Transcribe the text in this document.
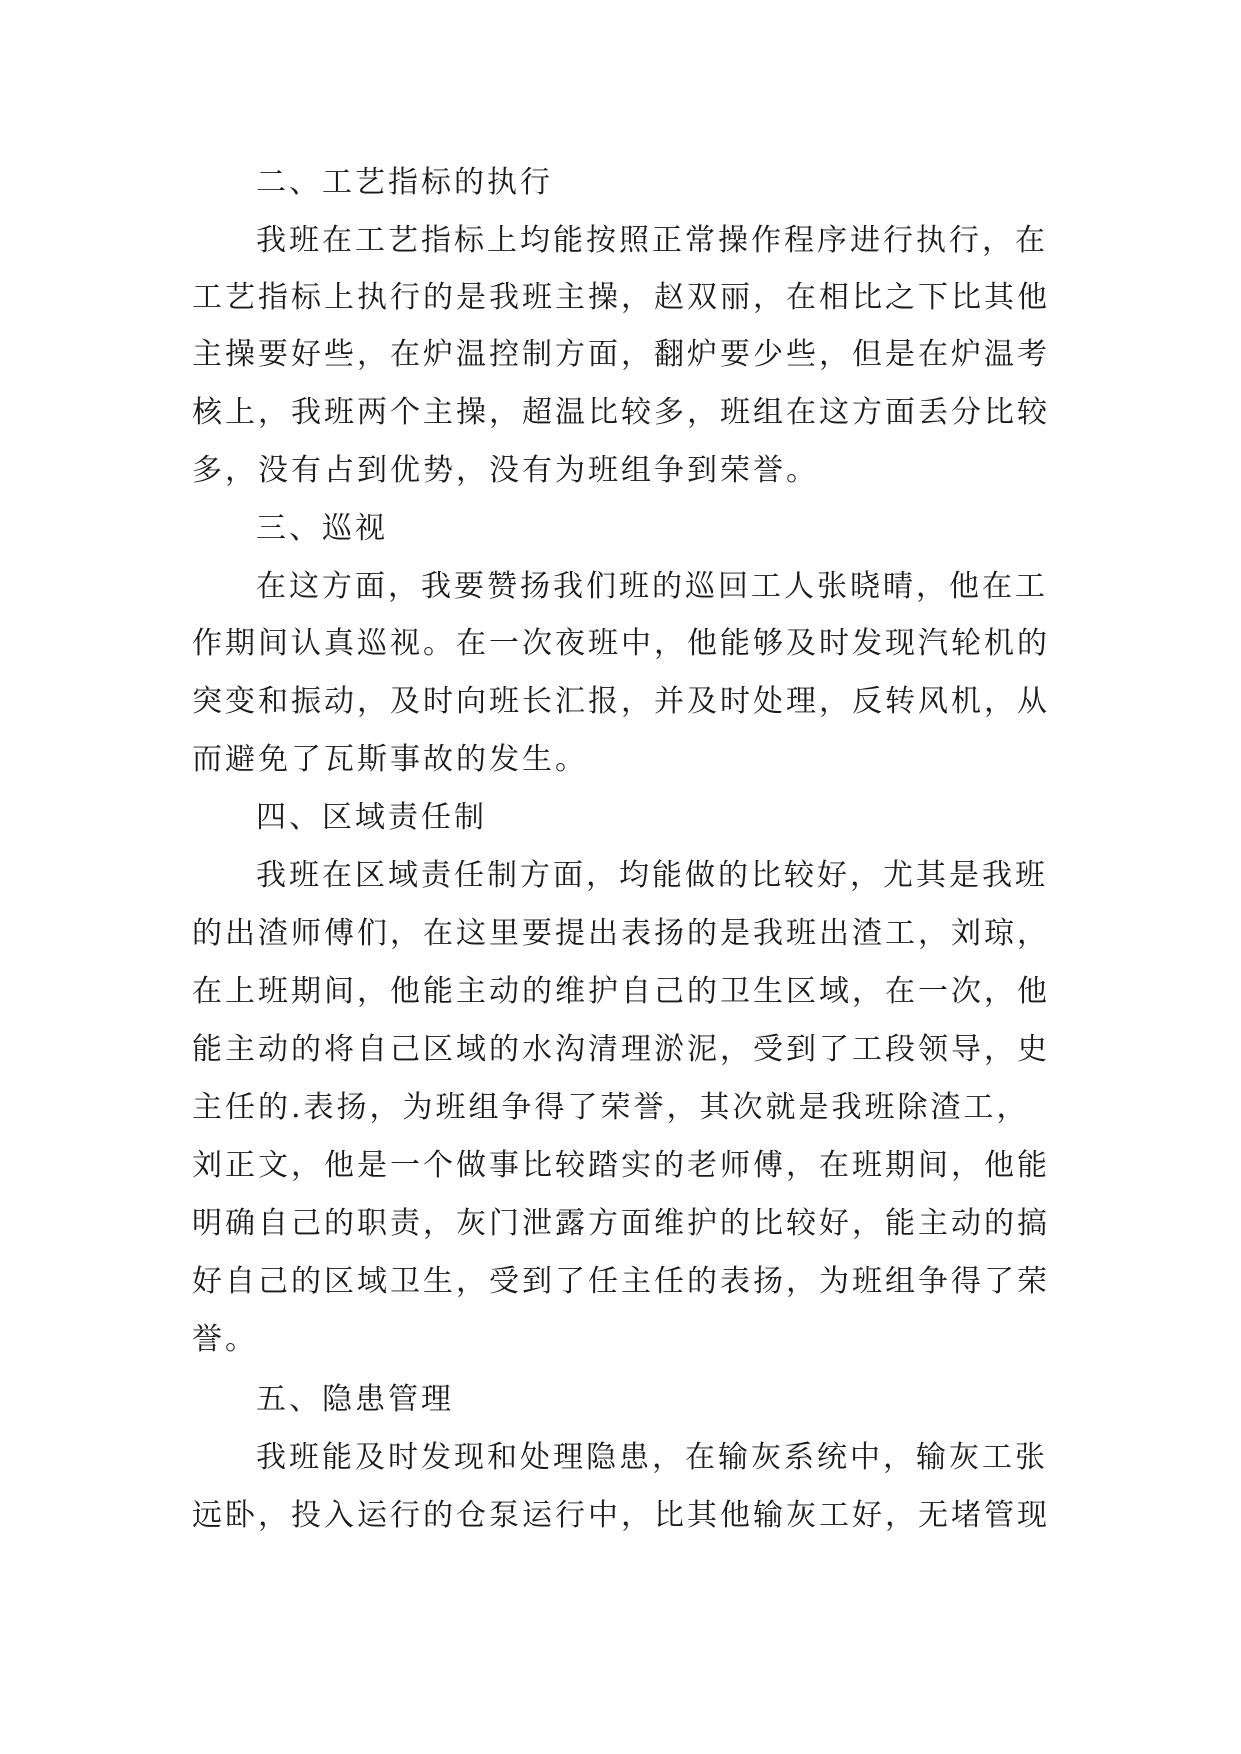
二、工艺指标的执行
我班在工艺指标上均能按照正常操作程序进行执行，在
工艺指标上执行的是我班主操，赵双丽，在相比之下比其他
主操要好些，在炉温控制方面，翻炉要少些，但是在炉温考
核上，我班两个主操，超温比较多，班组在这方面丢分比较
多，没有占到优势，没有为班组争到荣誉。
三、巡视
在这方面，我要赞扬我们班的巡回工人张晓晴，他在工
作期间认真巡视。在一次夜班中，他能够及时发现汽轮机的
突变和振动，及时向班长汇报，并及时处理，反转风机，从
而避免了瓦斯事故的发生。
四、区域责任制
我班在区域责任制方面，均能做的比较好，尤其是我班
的出渣师傅们，在这里要提出表扬的是我班出渣工，刘琼，
在上班期间，他能主动的维护自己的卫生区域，在一次，他
能主动的将自己区域的水沟清理淤泥，受到了工段领导，史
主任的.表扬，为班组争得了荣誉，其次就是我班除渣工，
刘正文，他是一个做事比较踏实的老师傅，在班期间，他能
明确自己的职责，灰门泄露方面维护的比较好，能主动的搞
好自己的区域卫生，受到了任主任的表扬，为班组争得了荣
誉。
五、隐患管理
我班能及时发现和处理隐患，在输灰系统中，输灰工张
远卧，投入运行的仓泵运行中，比其他输灰工好，无堵管现
